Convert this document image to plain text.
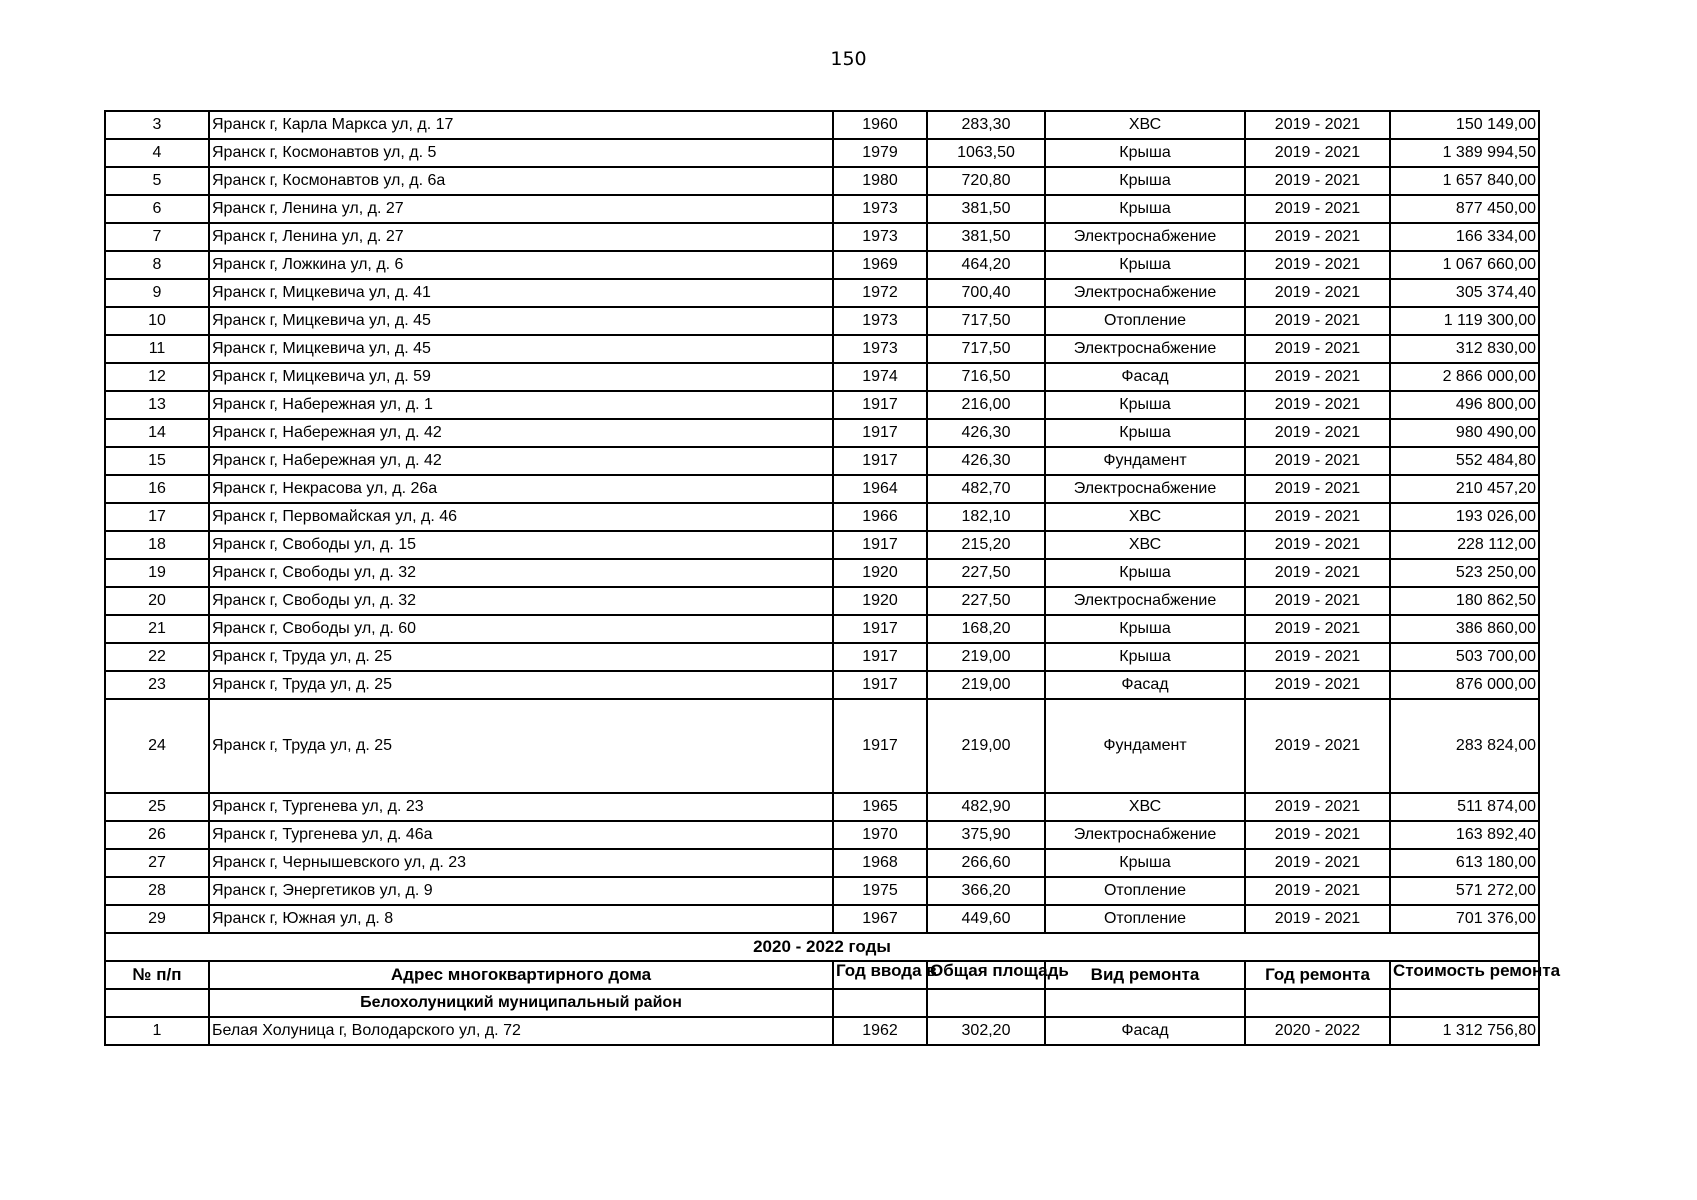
150
3	Яранск г, Карла Маркса ул, д. 17	1960	283,30	ХВС	2019 - 2021	150 149,00
4	Яранск г, Космонавтов ул, д. 5	1979	1063,50	Крыша	2019 - 2021	1 389 994,50
5	Яранск г, Космонавтов ул, д. 6а	1980	720,80	Крыша	2019 - 2021	1 657 840,00
6	Яранск г, Ленина ул, д. 27	1973	381,50	Крыша	2019 - 2021	877 450,00
7	Яранск г, Ленина ул, д. 27	1973	381,50	Электроснабжение	2019 - 2021	166 334,00
8	Яранск г, Ложкина ул, д. 6	1969	464,20	Крыша	2019 - 2021	1 067 660,00
9	Яранск г, Мицкевича ул, д. 41	1972	700,40	Электроснабжение	2019 - 2021	305 374,40
10	Яранск г, Мицкевича ул, д. 45	1973	717,50	Отопление	2019 - 2021	1 119 300,00
11	Яранск г, Мицкевича ул, д. 45	1973	717,50	Электроснабжение	2019 - 2021	312 830,00
12	Яранск г, Мицкевича ул, д. 59	1974	716,50	Фасад	2019 - 2021	2 866 000,00
13	Яранск г, Набережная ул, д. 1	1917	216,00	Крыша	2019 - 2021	496 800,00
14	Яранск г, Набережная ул, д. 42	1917	426,30	Крыша	2019 - 2021	980 490,00
15	Яранск г, Набережная ул, д. 42	1917	426,30	Фундамент	2019 - 2021	552 484,80
16	Яранск г, Некрасова ул, д. 26а	1964	482,70	Электроснабжение	2019 - 2021	210 457,20
17	Яранск г, Первомайская ул, д. 46	1966	182,10	ХВС	2019 - 2021	193 026,00
18	Яранск г, Свободы ул, д. 15	1917	215,20	ХВС	2019 - 2021	228 112,00
19	Яранск г, Свободы ул, д. 32	1920	227,50	Крыша	2019 - 2021	523 250,00
20	Яранск г, Свободы ул, д. 32	1920	227,50	Электроснабжение	2019 - 2021	180 862,50
21	Яранск г, Свободы ул, д. 60	1917	168,20	Крыша	2019 - 2021	386 860,00
22	Яранск г, Труда ул, д. 25	1917	219,00	Крыша	2019 - 2021	503 700,00
23	Яранск г, Труда ул, д. 25	1917	219,00	Фасад	2019 - 2021	876 000,00
24	Яранск г, Труда ул, д. 25	1917	219,00	Фундамент	2019 - 2021	283 824,00
25	Яранск г, Тургенева ул, д. 23	1965	482,90	ХВС	2019 - 2021	511 874,00
26	Яранск г, Тургенева ул, д. 46а	1970	375,90	Электроснабжение	2019 - 2021	163 892,40
27	Яранск г, Чернышевского ул, д. 23	1968	266,60	Крыша	2019 - 2021	613 180,00
28	Яранск г, Энергетиков ул, д. 9	1975	366,20	Отопление	2019 - 2021	571 272,00
29	Яранск г, Южная ул, д. 8	1967	449,60	Отопление	2019 - 2021	701 376,00
2020 - 2022 годы						
№ п/п	Адрес многоквартирного дома	Год ввода в	Общая площадь	Вид ремонта	Год ремонта	Стоимость ремонта

	Белохолуницкий муниципальный район					
1	Белая Холуница г, Володарского ул, д. 72	1962	302,20	Фасад	2020 - 2022	1 312 756,80
